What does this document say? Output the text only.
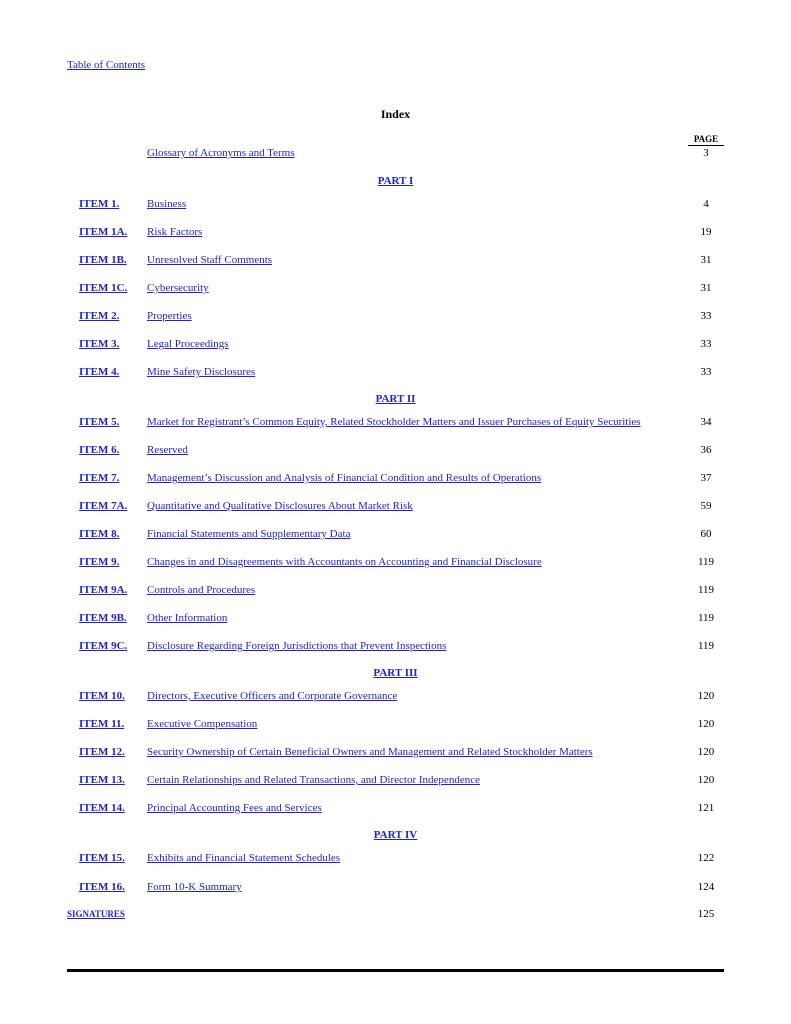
Table of Contents
Index
PAGE
Glossary of Acronyms and Terms	3
PART I
ITEM 1.	Business	4
ITEM 1A. Risk Factors	19
ITEM 1B. Unresolved Staff Comments	31
ITEM 1C. Cybersecurity	31
ITEM 2.	Properties	33
ITEM 3.	Legal Proceedings	33
ITEM 4.	Mine Safety Disclosures	33
PART II
ITEM 5.	Market for Registrant’s Common Equity, Related Stockholder Matters and Issuer Purchases of Equity Securities	34
ITEM 6.	Reserved	36
ITEM 7.	Management’s Discussion and Analysis of Financial Condition and Results of Operations	37
ITEM 7A. Quantitative and Qualitative Disclosures About Market Risk	59
ITEM 8.	Financial Statements and Supplementary Data	60
ITEM 9.	Changes in and Disagreements with Accountants on Accounting and Financial Disclosure	119
ITEM 9A. Controls and Procedures	119
ITEM 9B. Other Information	119
ITEM 9C. Disclosure Regarding Foreign Jurisdictions that Prevent Inspections	119
PART III
ITEM 10. Directors, Executive Officers and Corporate Governance	120
ITEM 11. Executive Compensation	120
ITEM 12. Security Ownership of Certain Beneficial Owners and Management and Related Stockholder Matters	120
ITEM 13. Certain Relationships and Related Transactions, and Director Independence	120
ITEM 14. Principal Accounting Fees and Services	121
PART IV
ITEM 15. Exhibits and Financial Statement Schedules	122
ITEM 16. Form 10-K Summary	124
SIGNATURES	125
